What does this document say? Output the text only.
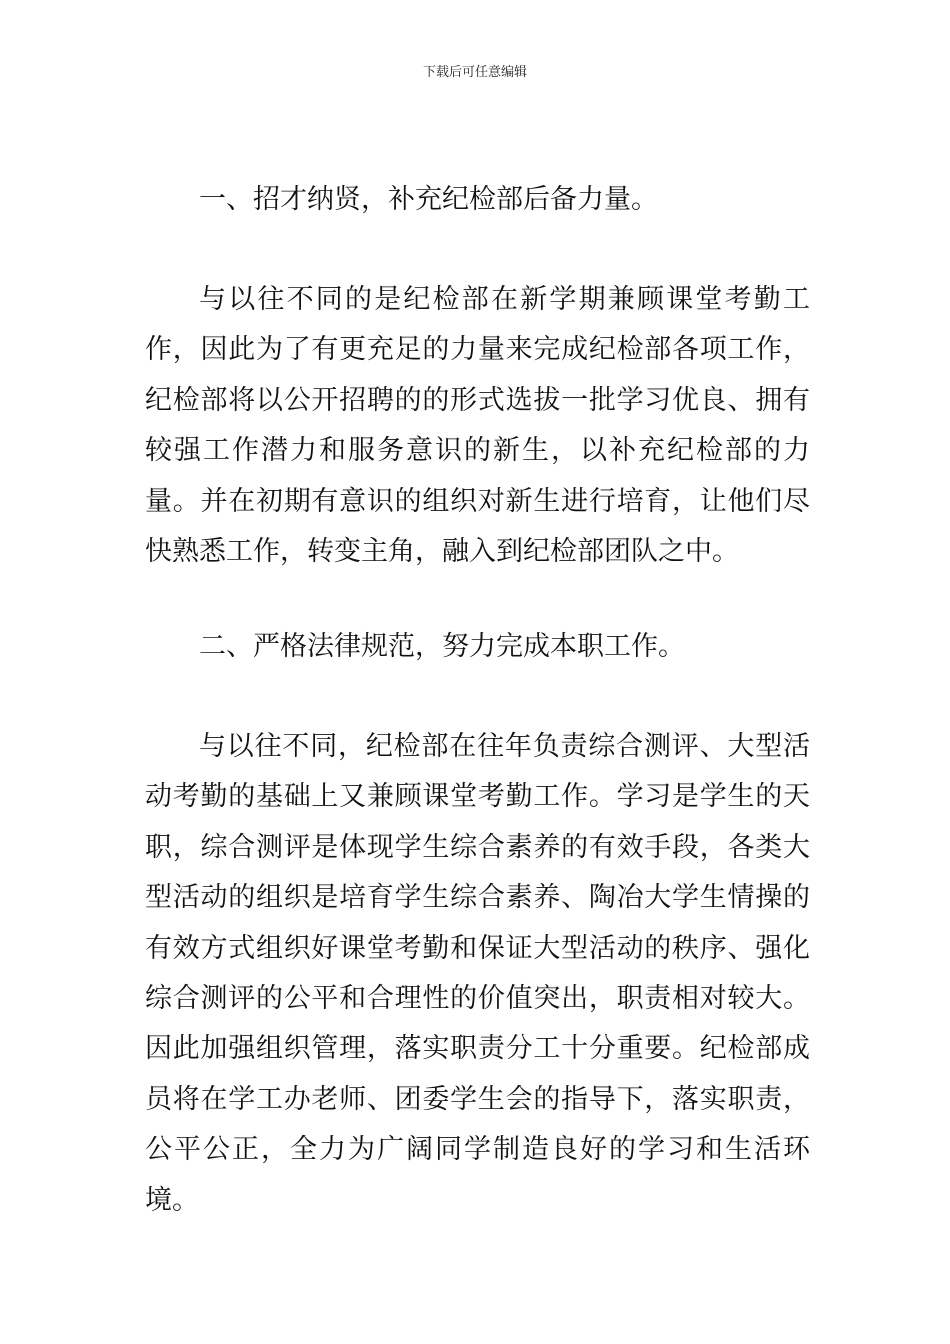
下载后可任意编辑
一、招才纳贤，补充纪检部后备力量。
与以往不同的是纪检部在新学期兼顾课堂考勤工作，因此为了有更充足的力量来完成纪检部各项工作，纪检部将以公开招聘的的形式选拔一批学习优良、拥有较强工作潜力和服务意识的新生，以补充纪检部的力量。并在初期有意识的组织对新生进行培育，让他们尽快熟悉工作，转变主角，融入到纪检部团队之中。
二、严格法律规范，努力完成本职工作。
与以往不同，纪检部在往年负责综合测评、大型活动考勤的基础上又兼顾课堂考勤工作。学习是学生的天职，综合测评是体现学生综合素养的有效手段，各类大型活动的组织是培育学生综合素养、陶冶大学生情操的有效方式组织好课堂考勤和保证大型活动的秩序、强化综合测评的公平和合理性的价值突出，职责相对较大。因此加强组织管理，落实职责分工十分重要。纪检部成员将在学工办老师、团委学生会的指导下，落实职责，公平公正，全力为广阔同学制造良好的学习和生活环境。
